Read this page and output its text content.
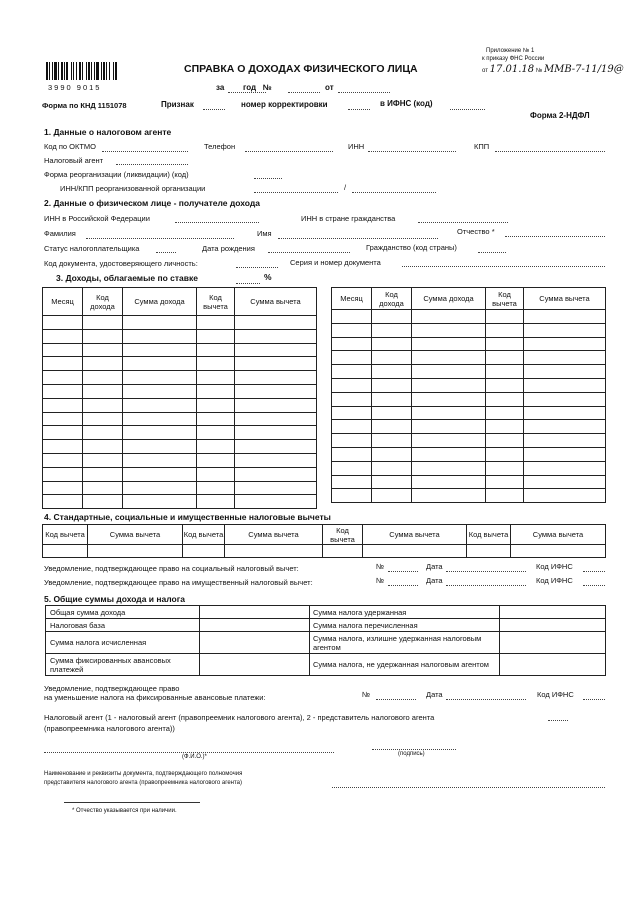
3990 9015
Форма по КНД 1151078
Приложение № 1
к приказу ФНС России
от 17.01.18 № ММВ-7-11/19@
СПРАВКА О ДОХОДАХ ФИЗИЧЕСКОГО ЛИЦА
за год №	от
Признак	номер корректировки	в ИФНС (код)
Форма 2-НДФЛ
1. Данные о налоговом агенте
Код по ОКТМО	Телефон	ИНН	КПП
Налоговый агент
Форма реорганизации (ликвидации) (код)
ИНН/КПП реорганизованной организации	/
2. Данные о физическом лице - получателе дохода
ИНН в Российской Федерации	ИНН в стране гражданства
Фамилия	Имя	Отчество *
Статус налогоплательщика	Дата рождения	Гражданство (код страны)
Код документа, удостоверяющего личность:	Серия и номер документа
3. Доходы, облагаемые по ставке	%
Месяц	Код дохода	Сумма дохода	Код вычета	Сумма вычета

					Месяц	Код дохода	Сумма дохода	Код вычета	Сумма вычета

4. Стандартные, социальные и имущественные налоговые вычеты
Код вычета	Сумма вычета	Код вычета	Сумма вычета	Код вычета	Сумма вычета	Код вычета	Сумма вычета

Уведомление, подтверждающее право на социальный налоговый вычет:	№	Дата	Код ИФНС
Уведомление, подтверждающее право на имущественный налоговый вычет:	№	Дата	Код ИФНС
5. Общие суммы дохода и налога
Общая сумма дохода		Сумма налога удержанная	
Налоговая база		Сумма налога перечисленная	
Сумма налога исчисленная		Сумма налога, излишне удержанная налоговым агентом	
Сумма фиксированных авансовых платежей		Сумма налога, не удержанная налоговым агентом	
Уведомление, подтверждающее право
на уменьшение налога на фиксированные авансовые платежи:	№	Дата	Код ИФНС
Налоговый агент (1 - налоговый агент (правопреемник налогового агента), 2 - представитель налогового агента
(правопреемника налогового агента))
(Ф.И.О.)*	(подпись)
Наименование и реквизиты документа, подтверждающего полномочия
представителя налогового агента (правопреемника налогового агента)
* Отчество указывается при наличии.
